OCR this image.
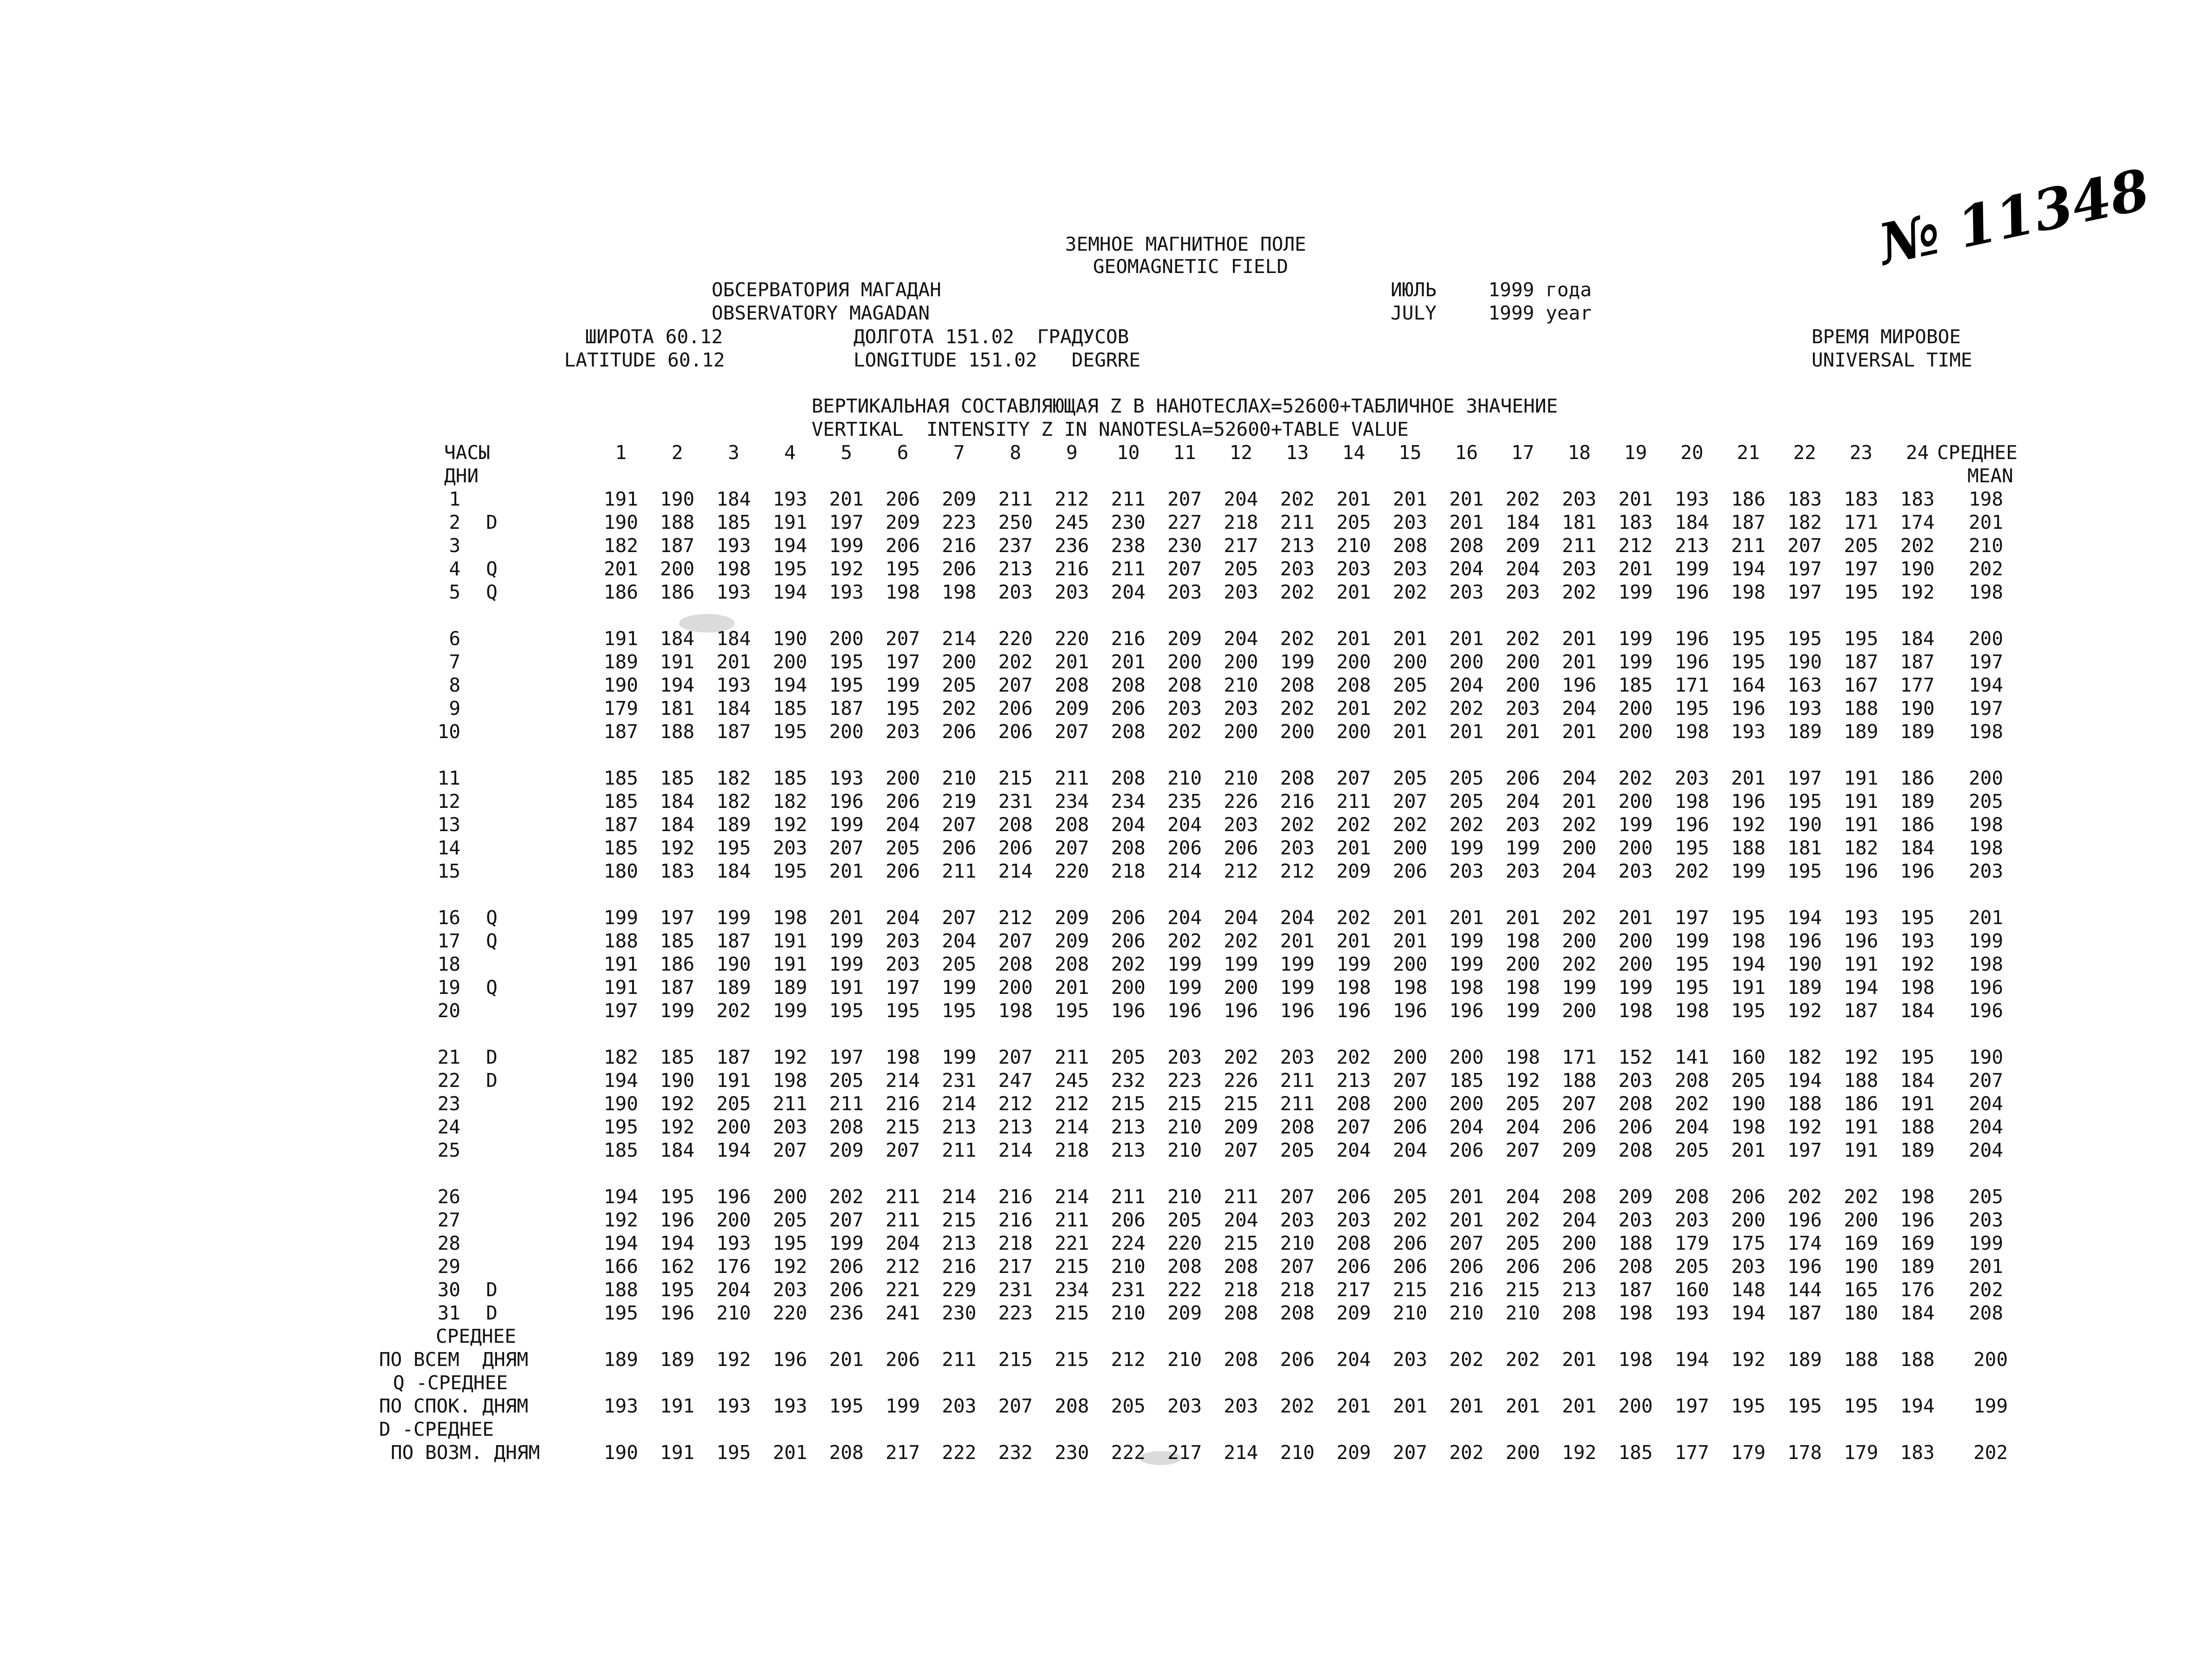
ЗЕМНОЕ МАГНИТНОЕ ПОЛЕ
GEOMAGNETIC FIELD
ОБСЕРВАТОРИЯ МАГАДАН
OBSERVATORY MAGADAN
ИЮЛЬ
JULY
1999 года
1999 year
№ 11348
ШИРОТА 60.12
LATITUDE 60.12
ДОЛГОТА 151.02  ГРАДУСОВ
LONGITUDE 151.02   DEGRRE
ВРЕМЯ МИРОВОЕ
UNIVERSAL TIME
ВЕРТИКАЛЬНАЯ СОСТАВЛЯЮЩАЯ Z В НАНОТЕСЛАХ=52600+ТАБЛИЧНОЕ ЗНАЧЕНИЕ
VERTIKAL  INTENSITY Z IN NANOTESLA=52600+TABLE VALUE
ЧАСЫ
ДНИ
СРЕДНЕЕ
MEAN
СРЕДНЕЕ
1	2	3	4	5	6	7	8	9	10	11	12	13	14	15	16	17	18	19	20	21	22	23	24
1	191	190	184	193	201	206	209	211	212	211	207	204	202	201	201	201	202	203	201	193	186	183	183	183	198
2 D	190	188	185	191	197	209	223	250	245	230	227	218	211	205	203	201	184	181	183	184	187	182	171	174	201
3	182	187	193	194	199	206	216	237	236	238	230	217	213	210	208	208	209	211	212	213	211	207	205	202	210
4 Q	201	200	198	195	192	195	206	213	216	211	207	205	203	203	203	204	204	203	201	199	194	197	197	190	202
5 Q	186	186	193	194	193	198	198	203	203	204	203	203	202	201	202	203	203	202	199	196	198	197	195	192	198
6	191	184	184	190	200	207	214	220	220	216	209	204	202	201	201	201	202	201	199	196	195	195	195	184	200
7	189	191	201	200	195	197	200	202	201	201	200	200	199	200	200	200	200	201	199	196	195	190	187	187	197
8	190	194	193	194	195	199	205	207	208	208	208	210	208	208	205	204	200	196	185	171	164	163	167	177	194
9	179	181	184	185	187	195	202	206	209	206	203	203	202	201	202	202	203	204	200	195	196	193	188	190	197
10	187	188	187	195	200	203	206	206	207	208	202	200	200	200	201	201	201	201	200	198	193	189	189	189	198
11	185	185	182	185	193	200	210	215	211	208	210	210	208	207	205	205	206	204	202	203	201	197	191	186	200
12	185	184	182	182	196	206	219	231	234	234	235	226	216	211	207	205	204	201	200	198	196	195	191	189	205
13	187	184	189	192	199	204	207	208	208	204	204	203	202	202	202	202	203	202	199	196	192	190	191	186	198
14	185	192	195	203	207	205	206	206	207	208	206	206	203	201	200	199	199	200	200	195	188	181	182	184	198
15	180	183	184	195	201	206	211	214	220	218	214	212	212	209	206	203	203	204	203	202	199	195	196	196	203
16 Q	199	197	199	198	201	204	207	212	209	206	204	204	204	202	201	201	201	202	201	197	195	194	193	195	201
17 Q	188	185	187	191	199	203	204	207	209	206	202	202	201	201	201	199	198	200	200	199	198	196	196	193	199
18	191	186	190	191	199	203	205	208	208	202	199	199	199	199	200	199	200	202	200	195	194	190	191	192	198
19 Q	191	187	189	189	191	197	199	200	201	200	199	200	199	198	198	198	198	199	199	195	191	189	194	198	196
20	197	199	202	199	195	195	195	198	195	196	196	196	196	196	196	196	199	200	198	198	195	192	187	184	196
21 D	182	185	187	192	197	198	199	207	211	205	203	202	203	202	200	200	198	171	152	141	160	182	192	195	190
22 D	194	190	191	198	205	214	231	247	245	232	223	226	211	213	207	185	192	188	203	208	205	194	188	184	207
23	190	192	205	211	211	216	214	212	212	215	215	215	211	208	200	200	205	207	208	202	190	188	186	191	204
24	195	192	200	203	208	215	213	213	214	213	210	209	208	207	206	204	204	206	206	204	198	192	191	188	204
25	185	184	194	207	209	207	211	214	218	213	210	207	205	204	204	206	207	209	208	205	201	197	191	189	204
26	194	195	196	200	202	211	214	216	214	211	210	211	207	206	205	201	204	208	209	208	206	202	202	198	205
27	192	196	200	205	207	211	215	216	211	206	205	204	203	203	202	201	202	204	203	203	200	196	200	196	203
28	194	194	193	195	199	204	213	218	221	224	220	215	210	208	206	207	205	200	188	179	175	174	169	169	199
29	166	162	176	192	206	212	216	217	215	210	208	208	207	206	206	206	206	206	208	205	203	196	190	189	201
30 D	188	195	204	203	206	221	229	231	234	231	222	218	218	217	215	216	215	213	187	160	148	144	165	176	202
31 D	195	196	210	220	236	241	230	223	215	210	209	208	208	209	210	210	210	208	198	193	194	187	180	184	208
ПО ВСЕМ  ДНЯМ	189	189	192	196	201	206	211	215	215	212	210	208	206	204	203	202	202	201	198	194	192	189	188	188	200
Q -СРЕДНЕЕ
ПО СПОК. ДНЯМ	193	191	193	193	195	199	203	207	208	205	203	203	202	201	201	201	201	201	200	197	195	195	195	194	199
D -СРЕДНЕЕ
ПО ВОЗМ. ДНЯМ	190	191	195	201	208	217	222	232	230	222	217	214	210	209	207	202	200	192	185	177	179	178	179	183	202
